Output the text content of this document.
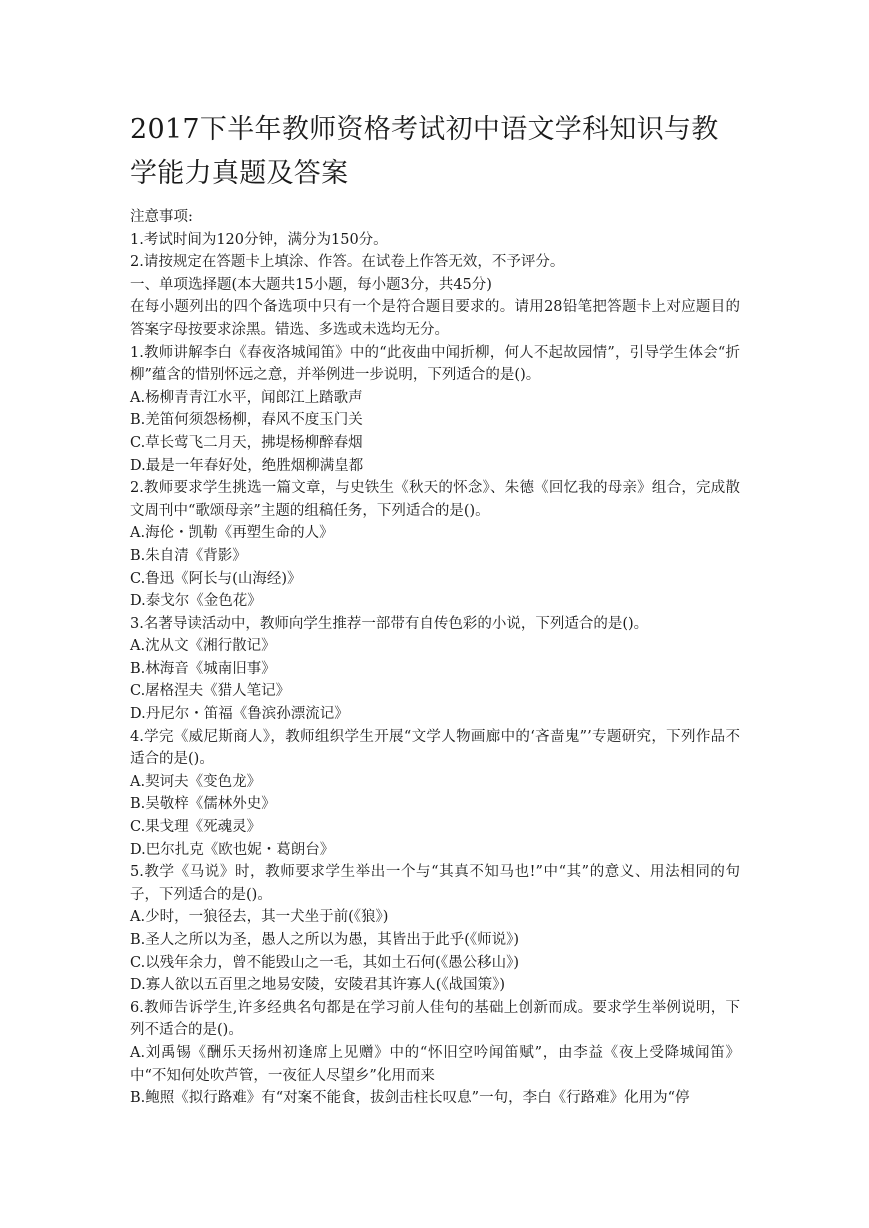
2017下半年教师资格考试初中语文学科知识与教学能力真题及答案

注意事项:

1.考试时间为120分钟，满分为150分。

2.请按规定在答题卡上填涂、作答。在试卷上作答无效，不予评分。

一、单项选择题(本大题共15小题，每小题3分，共45分)

在每小题列出的四个备选项中只有一个是符合题目要求的。请用28铅笔把答题卡上对应题目的答案字母按要求涂黑。错选、多选或未选均无分。

1.教师讲解李白《春夜洛城闻笛》中的“此夜曲中闻折柳，何人不起故园情”，引导学生体会“折柳”蕴含的惜别怀远之意，并举例进一步说明，下列适合的是()。

A.杨柳青青江水平，闻郎江上踏歌声

B.羌笛何须怨杨柳，春风不度玉门关

C.草长莺飞二月天，拂堤杨柳醉春烟

D.最是一年春好处，绝胜烟柳满皇都

2.教师要求学生挑选一篇文章，与史铁生《秋天的怀念》、朱德《回忆我的母亲》组合，完成散文周刊中“歌颂母亲”主题的组稿任务，下列适合的是()。

A.海伦・凯勒《再塑生命的人》

B.朱自清《背影》

C.鲁迅《阿长与(山海经)》

D.泰戈尔《金色花》

3.名著导读活动中，教师向学生推荐一部带有自传色彩的小说，下列适合的是()。

A.沈从文《湘行散记》

B.林海音《城南旧事》

C.屠格涅夫《猎人笔记》

D.丹尼尔・笛福《鲁滨孙漂流记》

4.学完《威尼斯商人》，教师组织学生开展“文学人物画廊中的‘吝啬鬼”’专题研究，下列作品不适合的是()。

A.契诃夫《变色龙》

B.吴敬梓《儒林外史》

C.果戈理《死魂灵》

D.巴尔扎克《欧也妮・葛朗台》

5.教学《马说》时，教师要求学生举出一个与“其真不知马也!”中“其”的意义、用法相同的句子，下列适合的是()。

A.少时，一狼径去，其一犬坐于前(《狼》)

B.圣人之所以为圣，愚人之所以为愚，其皆出于此乎(《师说》)

C.以残年余力，曾不能毁山之一毛，其如土石何(《愚公移山》)

D.寡人欲以五百里之地易安陵，安陵君其许寡人(《战国策》)

6.教师告诉学生,许多经典名句都是在学习前人佳句的基础上创新而成。要求学生举例说明，下列不适合的是()。

A.刘禹锡《酬乐天扬州初逢席上见赠》中的“怀旧空吟闻笛赋”，由李益《夜上受降城闻笛》中“不知何处吹芦管，一夜征人尽望乡”化用而来

B.鲍照《拟行路难》有“对案不能食，拔剑击柱长叹息”一句，李白《行路难》化用为“停
